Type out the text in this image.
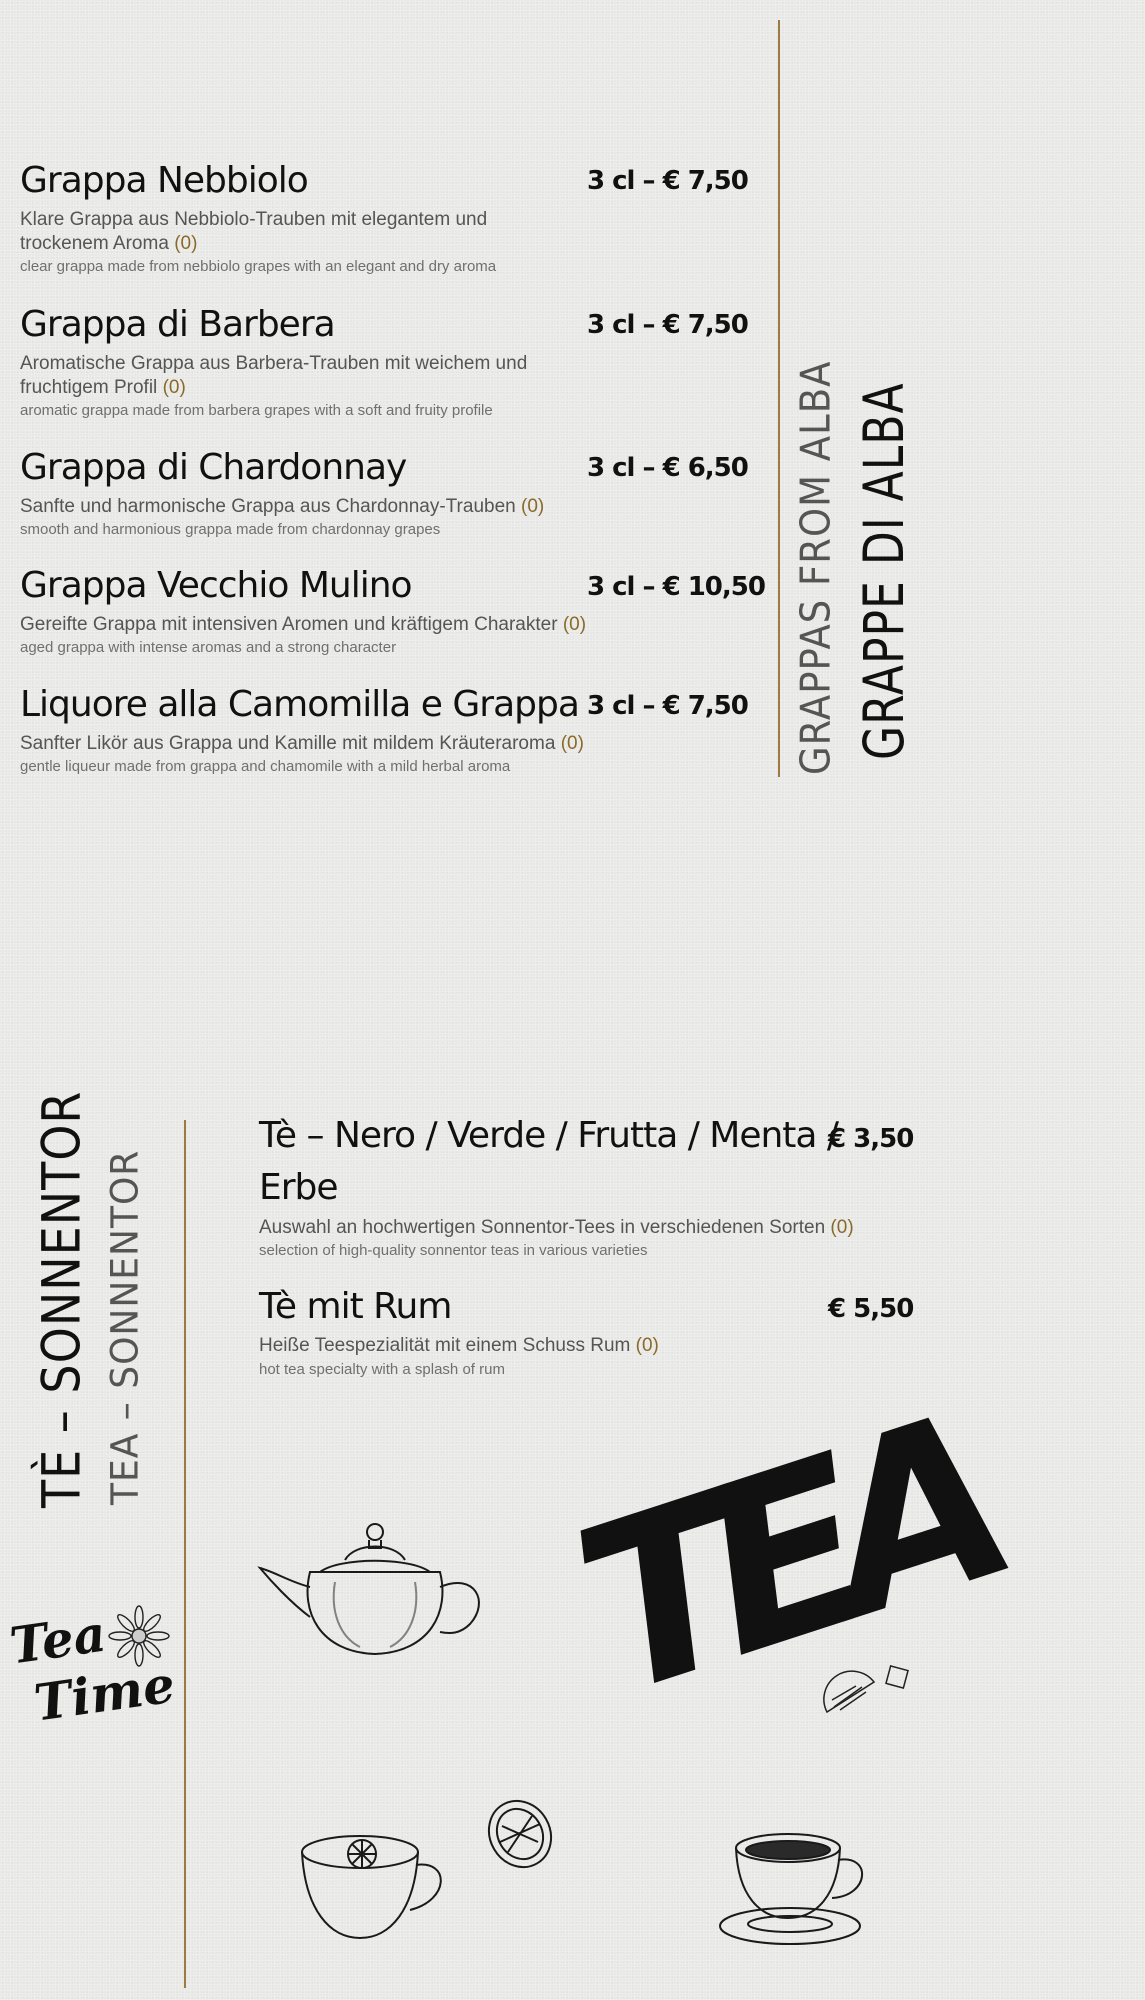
Grappa Nebbiolo	3 cl – € 7,50
Klare Grappa aus Nebbiolo-Trauben mit elegantem und trockenem Aroma (0)
clear grappa made from nebbiolo grapes with an elegant and dry aroma
Grappa di Barbera	3 cl – € 7,50
Aromatische Grappa aus Barbera-Trauben mit weichem und fruchtigem Profil (0)
aromatic grappa made from barbera grapes with a soft and fruity profile
Grappa di Chardonnay	3 cl – € 6,50
Sanfte und harmonische Grappa aus Chardonnay-Trauben (0)
smooth and harmonious grappa made from chardonnay grapes
Grappa Vecchio Mulino	3 cl – € 10,50
Gereifte Grappa mit intensiven Aromen und kräftigem Charakter (0)
aged grappa with intense aromas and a strong character
Liquore alla Camomilla e Grappa 3 cl – € 7,50
Sanfter Likör aus Grappa und Kamille mit mildem Kräuteraroma (0)
gentle liqueur made from grappa and chamomile with a mild herbal aroma
GRAPPE DI ALBA
GRAPPAS FROM ALBA
TÈ – SONNENTOR TEA – SONNENTOR
Tè – Nero / Verde / Frutta / Menta /
Erbe
€ 3,50
Auswahl an hochwertigen Sonnentor-Tees in verschiedenen Sorten (0)
selection of high-quality sonnentor teas in various varieties
Tè mit Rum	€ 5,50
Heiße Teespezialität mit einem Schuss Rum (0)
hot tea specialty with a splash of rum
Tea
Time TEA
